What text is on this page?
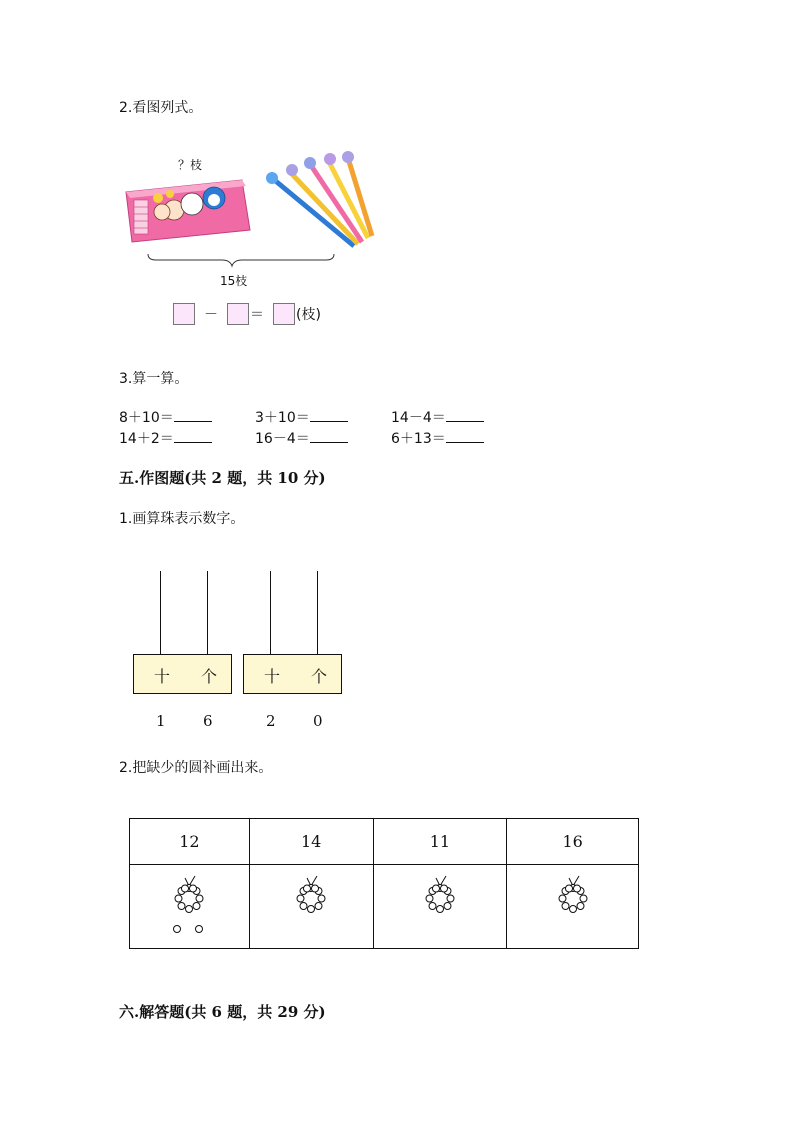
2.看图列式。
？枝
15枝
－ ＝ (枝)
3.算一算。
8＋10＝	3＋10＝	14－4＝
14＋2＝	16－4＝	6＋13＝
五.作图题(共 2 题，共 10 分)
1.画算珠表示数字。
十 个
1 6
十 个
2 0
2.把缺少的圆补画出来。
12	14	11	16

六.解答题(共 6 题，共 29 分)
